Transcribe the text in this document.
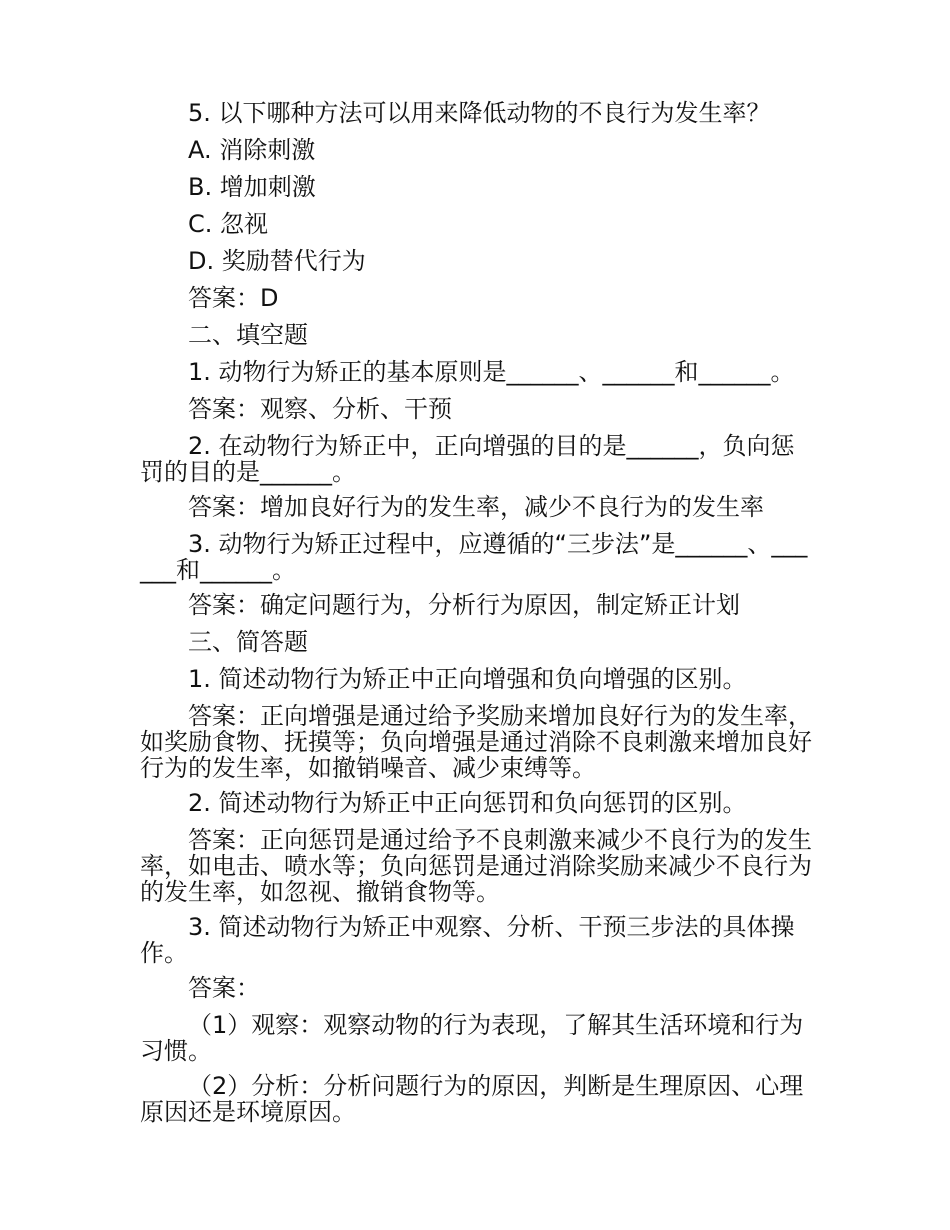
5. 以下哪种方法可以用来降低动物的不良行为发生率？

A. 消除刺激

B. 增加刺激

C. 忽视

D. 奖励替代行为

答案：D

二、填空题

1. 动物行为矫正的基本原则是______、______和______。

答案：观察、分析、干预

2. 在动物行为矫正中，正向增强的目的是______，负向惩罚的目的是______。

答案：增加良好行为的发生率，减少不良行为的发生率

3. 动物行为矫正过程中，应遵循的“三步法”是______、______和______。

答案：确定问题行为，分析行为原因，制定矫正计划

三、简答题

1. 简述动物行为矫正中正向增强和负向增强的区别。

答案：正向增强是通过给予奖励来增加良好行为的发生率，如奖励食物、抚摸等；负向增强是通过消除不良刺激来增加良好行为的发生率，如撤销噪音、减少束缚等。

2. 简述动物行为矫正中正向惩罚和负向惩罚的区别。

答案：正向惩罚是通过给予不良刺激来减少不良行为的发生率，如电击、喷水等；负向惩罚是通过消除奖励来减少不良行为的发生率，如忽视、撤销食物等。

3. 简述动物行为矫正中观察、分析、干预三步法的具体操作。

答案：

（1）观察：观察动物的行为表现，了解其生活环境和行为习惯。

（2）分析：分析问题行为的原因，判断是生理原因、心理原因还是环境原因。
